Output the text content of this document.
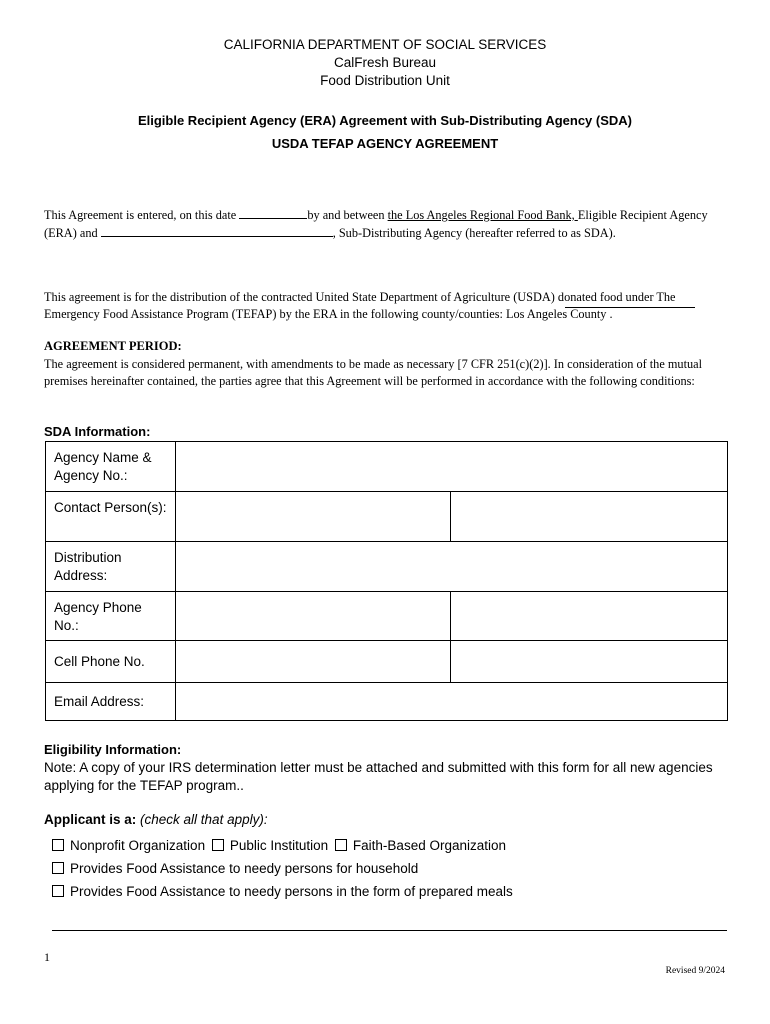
CALIFORNIA DEPARTMENT OF SOCIAL SERVICES
CalFresh Bureau
Food Distribution Unit
Eligible Recipient Agency (ERA) Agreement with Sub-Distributing Agency (SDA)
USDA TEFAP AGENCY AGREEMENT
This Agreement is entered, on this date	by and between the Los Angeles Regional Food Bank, Eligible Recipient Agency (ERA) and	, Sub-Distributing Agency (hereafter referred to as SDA).
This agreement is for the distribution of the contracted United State Department of Agriculture (USDA) donated food under The Emergency Food Assistance Program (TEFAP) by the ERA in the following county/counties: Los Angeles County .
AGREEMENT PERIOD:
The agreement is considered permanent, with amendments to be made as necessary [7 CFR 251(c)(2)]. In consideration of the mutual premises hereinafter contained, the parties agree that this Agreement will be performed in accordance with the following conditions:
SDA Information:
Agency Name & Agency No.:		
Contact Person(s):		
Distribution Address:		
Agency Phone No.:		
Cell Phone No.		
Email Address:		
Eligibility Information:
Note: A copy of your IRS determination letter must be attached and submitted with this form for all new agencies applying for the TEFAP program..
Applicant is a: (check all that apply):
Nonprofit Organization Public Institution Faith-Based Organization
Provides Food Assistance to needy persons for household
Provides Food Assistance to needy persons in the form of prepared meals
1
Revised 9/2024
